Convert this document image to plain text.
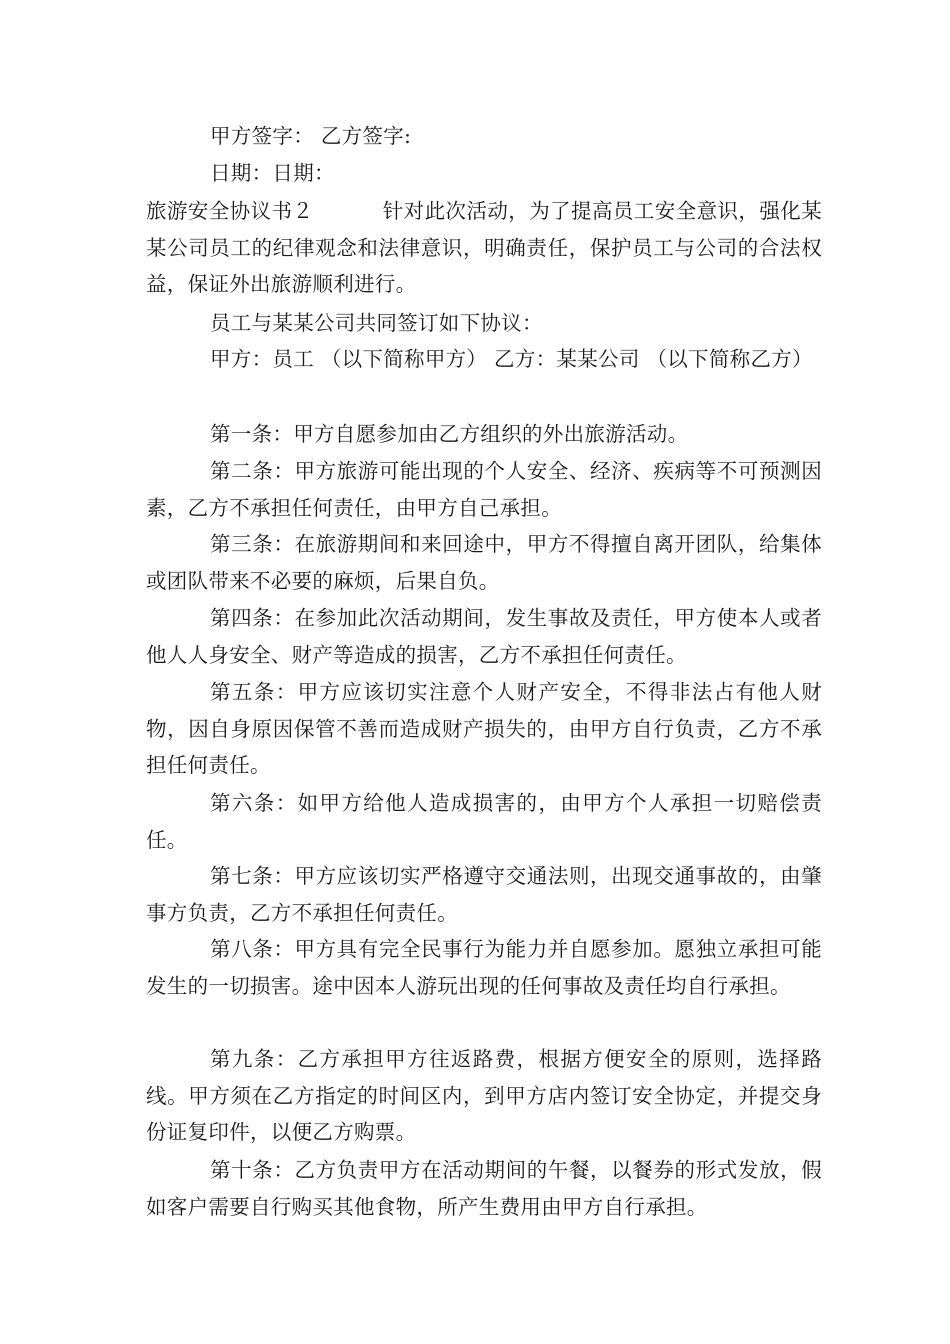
甲方签字： 乙方签字:
日期：日期：
旅游安全协议书２	针对此次活动，为了提高员工安全意识，强化某某公司员工的纪律观念和法律意识，明确责任，保护员工与公司的合法权益，保证外出旅游顺利进行。
员工与某某公司共同签订如下协议：
甲方：员工 （以下简称甲方） 乙方：某某公司 （以下简称乙方）
第一条：甲方自愿参加由乙方组织的外出旅游活动。
第二条：甲方旅游可能出现的个人安全、经济、疾病等不可预测因素，乙方不承担任何责任，由甲方自己承担。
第三条：在旅游期间和来回途中，甲方不得擅自离开团队，给集体或团队带来不必要的麻烦，后果自负。
第四条：在参加此次活动期间，发生事故及责任，甲方使本人或者他人人身安全、财产等造成的损害，乙方不承担任何责任。
第五条：甲方应该切实注意个人财产安全，不得非法占有他人财物，因自身原因保管不善而造成财产损失的，由甲方自行负责，乙方不承担任何责任。
第六条：如甲方给他人造成损害的，由甲方个人承担一切赔偿责任。
第七条：甲方应该切实严格遵守交通法则，出现交通事故的，由肇事方负责，乙方不承担任何责任。
第八条：甲方具有完全民事行为能力并自愿参加。愿独立承担可能发生的一切损害。途中因本人游玩出现的任何事故及责任均自行承担。
第九条：乙方承担甲方往返路费，根据方便安全的原则，选择路线。甲方须在乙方指定的时间区内，到甲方店内签订安全协定，并提交身份证复印件，以便乙方购票。
第十条：乙方负责甲方在活动期间的午餐，以餐券的形式发放，假如客户需要自行购买其他食物，所产生费用由甲方自行承担。
